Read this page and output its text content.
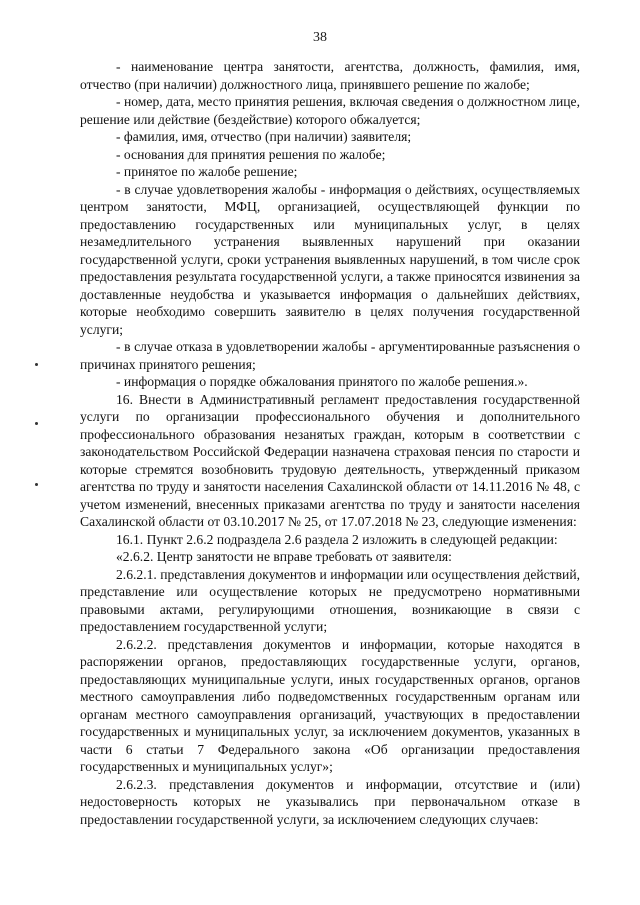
38

- наименование центра занятости, агентства, должность, фамилия, имя, отчество (при наличии) должностного лица, принявшего решение по жалобе;

- номер, дата, место принятия решения, включая сведения о должностном лице, решение или действие (бездействие) которого обжалуется;

- фамилия, имя, отчество (при наличии) заявителя;

- основания для принятия решения по жалобе;

- принятое по жалобе решение;

- в случае удовлетворения жалобы - информация о действиях, осуществляемых центром занятости, МФЦ, организацией, осуществляющей функции по предоставлению государственных или муниципальных услуг, в целях незамедлительного устранения выявленных нарушений при оказании государственной услуги, сроки устранения выявленных нарушений, в том числе срок предоставления результата государственной услуги, а также приносятся извинения за доставленные неудобства и указывается информация о дальнейших действиях, которые необходимо совершить заявителю в целях получения государственной услуги;

- в случае отказа в удовлетворении жалобы - аргументированные разъяснения о причинах принятого решения;

- информация о порядке обжалования принятого по жалобе решения.».

16. Внести в Административный регламент предоставления государственной услуги по организации профессионального обучения и дополнительного профессионального образования незанятых граждан, которым в соответствии с законодательством Российской Федерации назначена страховая пенсия по старости и которые стремятся возобновить трудовую деятельность, утвержденный приказом агентства по труду и занятости населения Сахалинской области от 14.11.2016 № 48, с учетом изменений, внесенных приказами агентства по труду и занятости населения Сахалинской области от 03.10.2017 № 25, от 17.07.2018 № 23, следующие изменения:

16.1. Пункт 2.6.2 подраздела 2.6 раздела 2 изложить в следующей редакции:

«2.6.2. Центр занятости не вправе требовать от заявителя:

2.6.2.1. представления документов и информации или осуществления действий, представление или осуществление которых не предусмотрено нормативными правовыми актами, регулирующими отношения, возникающие в связи с предоставлением государственной услуги;

2.6.2.2. представления документов и информации, которые находятся в распоряжении органов, предоставляющих государственные услуги, органов, предоставляющих муниципальные услуги, иных государственных органов, органов местного самоуправления либо подведомственных государственным органам или органам местного самоуправления организаций, участвующих в предоставлении государственных и муниципальных услуг, за исключением документов, указанных в части 6 статьи 7 Федерального закона «Об организации предоставления государственных и муниципальных услуг»;

2.6.2.3. представления документов и информации, отсутствие и (или) недостоверность которых не указывались при первоначальном отказе в предоставлении государственной услуги, за исключением следующих случаев:
